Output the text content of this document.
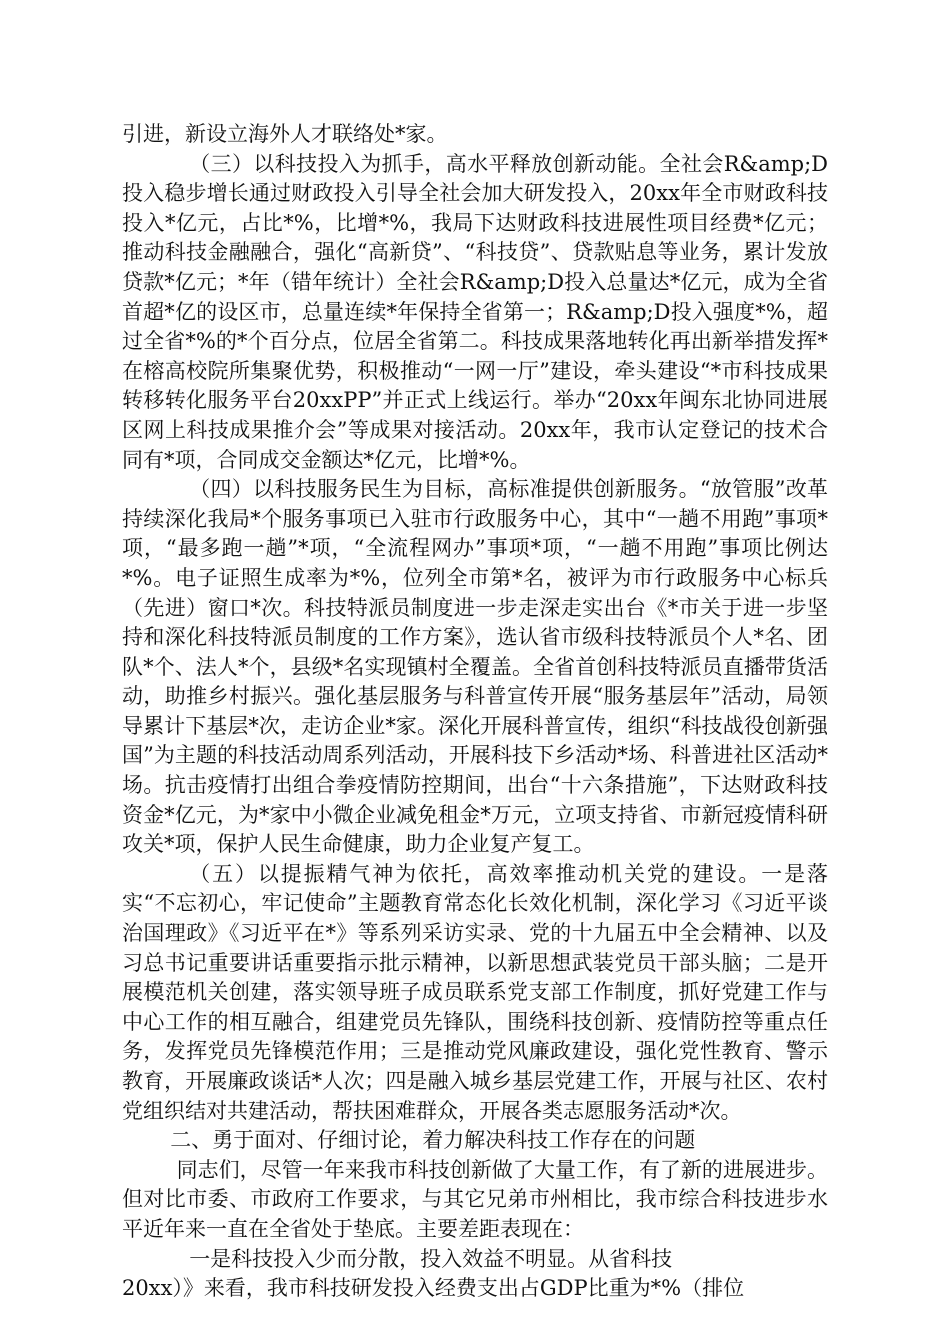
引进，新设立海外人才联络处*家。

（三）以科技投入为抓手，高水平释放创新动能。全社会R&amp;D投入稳步增长通过财政投入引导全社会加大研发投入，20xx年全市财政科技投入*亿元，占比*%，比增*%，我局下达财政科技进展性项目经费*亿元；推动科技金融融合，强化“高新贷”、“科技贷”、贷款贴息等业务，累计发放贷款*亿元；*年（错年统计）全社会R&amp;D投入总量达*亿元，成为全省首超*亿的设区市，总量连续*年保持全省第一；R&amp;D投入强度*%，超过全省*%的*个百分点，位居全省第二。科技成果落地转化再出新举措发挥*在榕高校院所集聚优势，积极推动“一网一厅”建设，牵头建设“*市科技成果转移转化服务平台20xxPP”并正式上线运行。举办“20xx年闽东北协同进展区网上科技成果推介会”等成果对接活动。20xx年，我市认定登记的技术合同有*项，合同成交金额达*亿元，比增*%。

（四）以科技服务民生为目标，高标准提供创新服务。“放管服”改革持续深化我局*个服务事项已入驻市行政服务中心，其中“一趟不用跑”事项*项，“最多跑一趟”*项，“全流程网办”事项*项，“一趟不用跑”事项比例达*%。电子证照生成率为*%，位列全市第*名，被评为市行政服务中心标兵（先进）窗口*次。科技特派员制度进一步走深走实出台《*市关于进一步坚持和深化科技特派员制度的工作方案》，选认省市级科技特派员个人*名、团队*个、法人*个，县级*名实现镇村全覆盖。全省首创科技特派员直播带货活动，助推乡村振兴。强化基层服务与科普宣传开展“服务基层年”活动，局领导累计下基层*次，走访企业*家。深化开展科普宣传，组织“科技战役创新强国”为主题的科技活动周系列活动，开展科技下乡活动*场、科普进社区活动*场。抗击疫情打出组合拳疫情防控期间，出台“十六条措施”，下达财政科技资金*亿元，为*家中小微企业减免租金*万元，立项支持省、市新冠疫情科研攻关*项，保护人民生命健康，助力企业复产复工。

（五）以提振精气神为依托，高效率推动机关党的建设。一是落实“不忘初心，牢记使命”主题教育常态化长效化机制，深化学习《习近平谈治国理政》《习近平在*》等系列采访实录、党的十九届五中全会精神、以及习总书记重要讲话重要指示批示精神，以新思想武装党员干部头脑；二是开展模范机关创建，落实领导班子成员联系党支部工作制度，抓好党建工作与中心工作的相互融合，组建党员先锋队，围绕科技创新、疫情防控等重点任务，发挥党员先锋模范作用；三是推动党风廉政建设，强化党性教育、警示教育，开展廉政谈话*人次；四是融入城乡基层党建工作，开展与社区、农村党组织结对共建活动，帮扶困难群众，开展各类志愿服务活动*次。

二、勇于面对、仔细讨论，着力解决科技工作存在的问题

同志们，尽管一年来我市科技创新做了大量工作，有了新的进展进步。但对比市委、市政府工作要求，与其它兄弟市州相比，我市综合科技进步水平近年来一直在全省处于垫底。主要差距表现在：

一是科技投入少而分散，投入效益不明显。从省科技

20xx）》来看，我市科技研发投入经费支出占GDP比重为*%（排位
